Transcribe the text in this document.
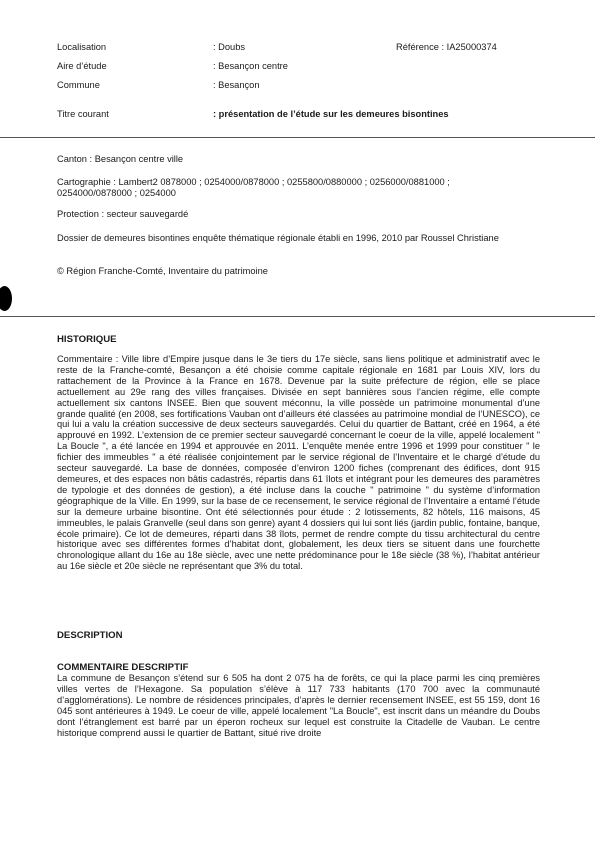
Localisation	: Doubs	Référence : IA25000374
Aire d’étude	: Besançon centre
Commune	: Besançon
Titre courant	: présentation de l’étude sur les demeures bisontines
Canton : Besançon centre ville
Cartographie : Lambert2 0878000 ; 0254000/0878000 ; 0255800/0880000 ; 0256000/0881000 ; 0254000/0878000 ; 0254000
Protection : secteur sauvegardé
Dossier de demeures bisontines enquête thématique régionale établi en 1996, 2010 par Roussel Christiane
© Région Franche-Comté, Inventaire du patrimoine
HISTORIQUE
Commentaire : Ville libre d’Empire jusque dans le 3e tiers du 17e siècle, sans liens politique et administratif avec le reste de la Franche-comté, Besançon a été choisie comme capitale régionale en 1681 par Louis XIV, lors du rattachement de la Province à la France en 1678. Devenue par la suite préfecture de région, elle se place actuellement au 29e rang des villes françaises. Divisée en sept bannières sous l’ancien régime, elle compte actuellement six cantons INSEE. Bien que souvent méconnu, la ville possède un patrimoine monumental d’une grande qualité (en 2008, ses fortifications Vauban ont d’ailleurs été classées au patrimoine mondial de l’UNESCO), ce qui lui a valu la création successive de deux secteurs sauvegardés. Celui du quartier de Battant, créé en 1964, a été approuvé en 1992. L’extension de ce premier secteur sauvegardé concernant le coeur de la ville, appelé localement " La Boucle ", a été lancée en 1994 et approuvée en 2011. L’enquête menée entre 1996 et 1999 pour constituer " le fichier des immeubles " a été réalisée conjointement par le service régional de l’Inventaire et le chargé d’étude du secteur sauvegardé. La base de données, composée d’environ 1200 fiches (comprenant des édifices, dont 915 demeures, et des espaces non bâtis cadastrés, répartis dans 61 îlots et intégrant pour les demeures des paramètres de typologie et des données de gestion), a été incluse dans la couche " patrimoine " du système d’information géographique de la Ville. En 1999, sur la base de ce recensement, le service régional de l’Inventaire a entamé l’étude sur la demeure urbaine bisontine. Ont été sélectionnés pour étude : 2 lotissements, 82 hôtels, 116 maisons, 45 immeubles, le palais Granvelle (seul dans son genre) ayant 4 dossiers qui lui sont liés (jardin public, fontaine, banque, école primaire). Ce lot de demeures, réparti dans 38 îlots, permet de rendre compte du tissu architectural du centre historique avec ses différentes formes d’habitat dont, globalement, les deux tiers se situent dans une fourchette chronologique allant du 16e au 18e siècle, avec une nette prédominance pour le 18e siècle (38 %), l’habitat antérieur au 16e siècle et 20e siècle ne représentant que 3% du total.
DESCRIPTION
COMMENTAIRE DESCRIPTIF
La commune de Besançon s’étend sur 6 505 ha dont 2 075 ha de forêts, ce qui la place parmi les cinq premières villes vertes de l’Hexagone. Sa population s’élève à 117 733 habitants (170 700 avec la communauté d’agglomérations). Le nombre de résidences principales, d’après le dernier recensement INSEE, est 55 159, dont 16 045 sont antérieures à 1949. Le coeur de ville, appelé localement "La Boucle", est inscrit dans un méandre du Doubs dont l’étranglement est barré par un éperon rocheux sur lequel est construite la Citadelle de Vauban. Le centre historique comprend aussi le quartier de Battant, situé rive droite
